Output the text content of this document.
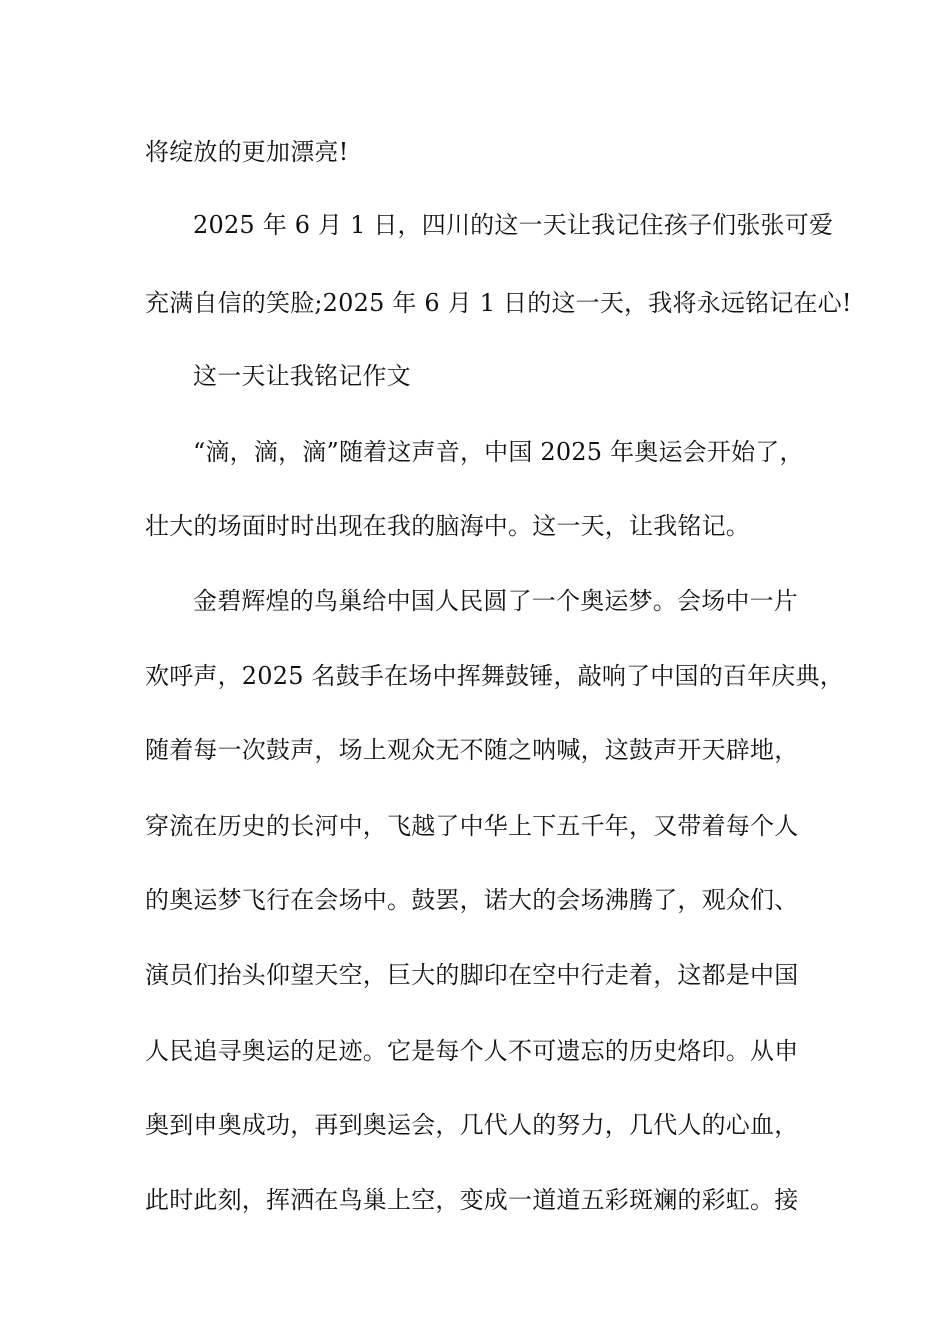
将绽放的更加漂亮!
2025 年 6 月 1 日，四川的这一天让我记住孩子们张张可爱
充满自信的笑脸;2025 年 6 月 1 日的这一天，我将永远铭记在心!
这一天让我铭记作文
“滴，滴，滴”随着这声音，中国 2025 年奥运会开始了，
壮大的场面时时出现在我的脑海中。这一天，让我铭记。
金碧辉煌的鸟巢给中国人民圆了一个奥运梦。会场中一片
欢呼声，2025 名鼓手在场中挥舞鼓锤，敲响了中国的百年庆典，
随着每一次鼓声，场上观众无不随之呐喊，这鼓声开天辟地，
穿流在历史的长河中，飞越了中华上下五千年，又带着每个人
的奥运梦飞行在会场中。鼓罢，诺大的会场沸腾了，观众们、
演员们抬头仰望天空，巨大的脚印在空中行走着，这都是中国
人民追寻奥运的足迹。它是每个人不可遗忘的历史烙印。从申
奥到申奥成功，再到奥运会，几代人的努力，几代人的心血，
此时此刻，挥洒在鸟巢上空，变成一道道五彩斑斓的彩虹。接
